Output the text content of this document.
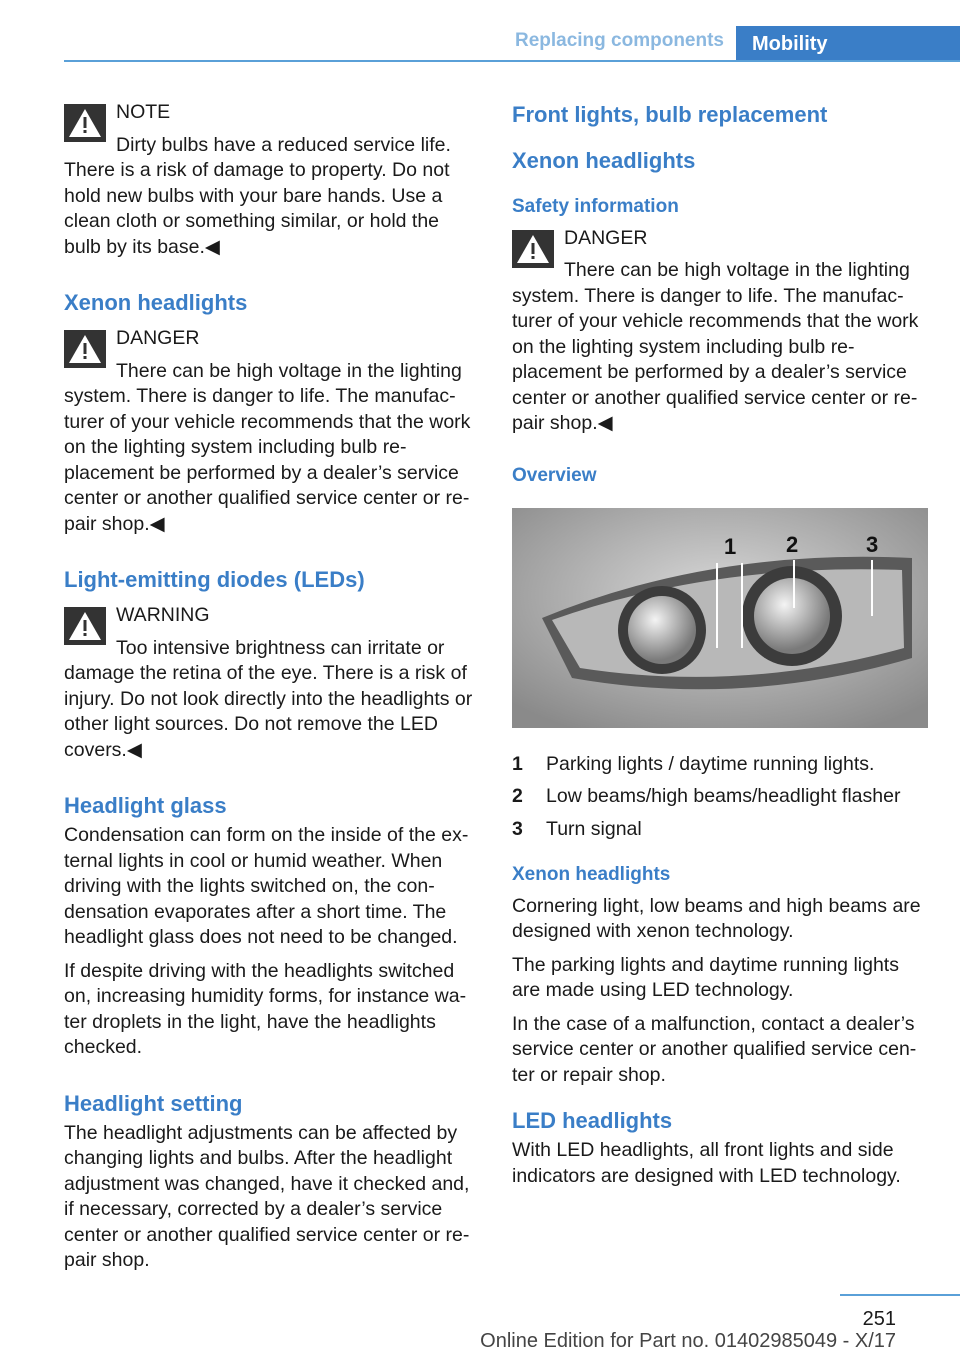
Replacing components	Mobility
NOTE

Dirty bulbs have a reduced service life. There is a risk of damage to property. Do not hold new bulbs with your bare hands. Use a clean cloth or something similar, or hold the bulb by its base.◀

Xenon headlights
DANGER

There can be high voltage in the lighting system. There is danger to life. The manufac‐turer of your vehicle recommends that the work on the lighting system including bulb re‐placement be performed by a dealer’s service center or another qualified service center or re‐pair shop.◀

Light-emitting diodes (LEDs)
WARNING

Too intensive brightness can irritate or damage the retina of the eye. There is a risk of injury. Do not look directly into the headlights or other light sources. Do not remove the LED covers.◀

Headlight glass

Condensation can form on the inside of the ex‐ternal lights in cool or humid weather. When driving with the lights switched on, the con‐densation evaporates after a short time. The headlight glass does not need to be changed.

If despite driving with the headlights switched on, increasing humidity forms, for instance wa‐ter droplets in the light, have the headlights checked.

Headlight setting

The headlight adjustments can be affected by changing lights and bulbs. After the headlight adjustment was changed, have it checked and, if necessary, corrected by a dealer’s service center or another qualified service center or re‐pair shop.

Front lights, bulb replacement
Xenon headlights
Safety information
DANGER

There can be high voltage in the lighting system. There is danger to life. The manufac‐turer of your vehicle recommends that the work on the lighting system including bulb re‐placement be performed by a dealer’s service center or another qualified service center or re‐pair shop.◀

Overview
1 2	3
1	Parking lights / daytime running lights.
2	Low beams/high beams/headlight flasher
3	Turn signal
Xenon headlights

Cornering light, low beams and high beams are designed with xenon technology.

The parking lights and daytime running lights are made using LED technology.

In the case of a malfunction, contact a dealer’s service center or another qualified service cen‐ter or repair shop.

LED headlights

With LED headlights, all front lights and side indicators are designed with LED technology.

251
Online Edition for Part no. 01402985049 - X/17
